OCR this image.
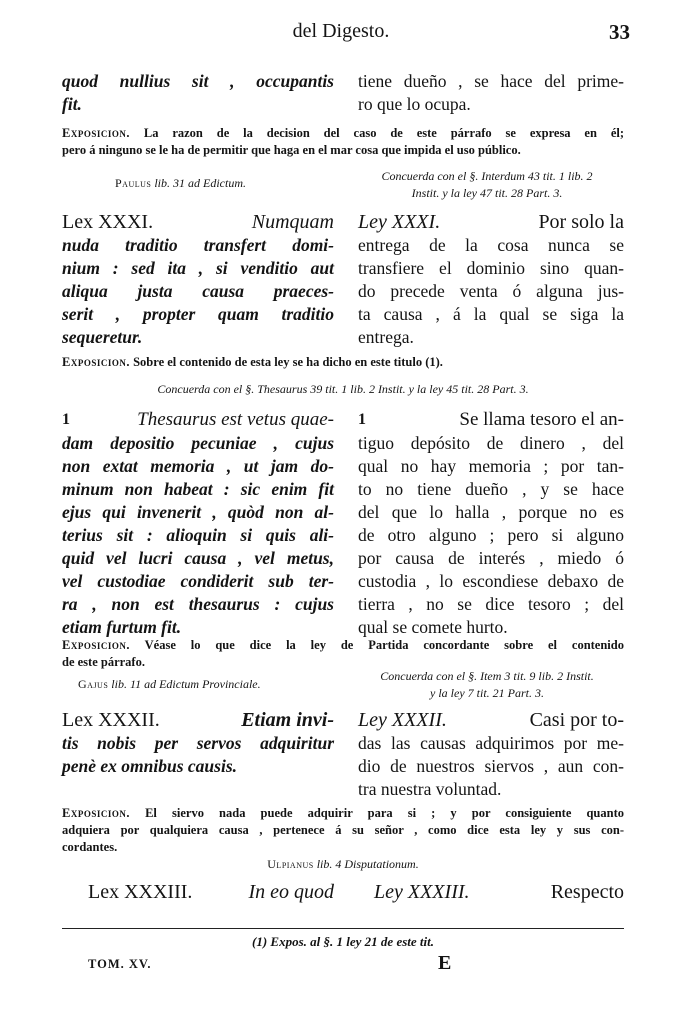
del Digesto.	33
quod nullius sit , occupantis
fit.
tiene dueño , se hace del prime-
ro que lo ocupa.
Exposicion. La razon de la decision del caso de este párrafo se expresa en él;
pero á ninguno se le ha de permitir que haga en el mar cosa que impida el uso público.
Paulus lib. 31 ad Edictum.	Concuerda con el §. Interdum 43 tit. 1 lib. 2
Instit. y la ley 47 tit. 28 Part. 3.
Lex XXXI.	Numquam
nuda traditio transfert domi-
nium : sed ita , si venditio aut
aliqua justa causa praeces-
serit , propter quam traditio
sequeretur.
Ley XXXI.	Por solo la
entrega de la cosa nunca se
transfiere el dominio sino quan-
do precede venta ó alguna jus-
ta causa , á la qual se siga la
entrega.
Exposicion. Sobre el contenido de esta ley se ha dicho en este titulo (1).
Concuerda con el §. Thesaurus 39 tit. 1 lib. 2 Instit. y la ley 45 tit. 28 Part. 3.
1	Thesaurus est vetus quae-
dam depositio pecuniae , cujus
non extat memoria , ut jam do-
minum non habeat : sic enim fit
ejus qui invenerit , quòd non al-
terius sit : alioquin si quis ali-
quid vel lucri causa , vel metus,
vel custodiae condiderit sub ter-
ra , non est thesaurus : cujus
etiam furtum fit.
1	Se llama tesoro el an-
tiguo depósito de dinero , del
qual no hay memoria ; por tan-
to no tiene dueño , y se hace
del que lo halla , porque no es
de otro alguno ; pero si alguno
por causa de interés , miedo ó
custodia , lo escondiese debaxo de
tierra , no se dice tesoro ; del
qual se comete hurto.
Exposicion. Véase lo que dice la ley de Partida concordante sobre el contenido
de este párrafo.
Gajus lib. 11 ad Edictum Provinciale.
Concuerda con el §. Item 3 tit. 9 lib. 2 Instit.
y la ley 7 tit. 21 Part. 3.
Lex XXXII.	Etiam invi-
tis nobis per servos adquiritur
penè ex omnibus causis.
Ley XXXII.	Casi por to-
das las causas adquirimos por me-
dio de nuestros siervos , aun con-
tra nuestra voluntad.
Exposicion. El siervo nada puede adquirir para si ; y por consiguiente quanto
adquiera por qualquiera causa , pertenece á su señor , como dice esta ley y sus con-
cordantes.
Ulpianus lib. 4 Disputationum.
Lex XXXIII.	In eo quod Ley XXXIII.	Respecto
(1) Expos. al §. 1 ley 21 de este tit.
TOM. XV.	E
